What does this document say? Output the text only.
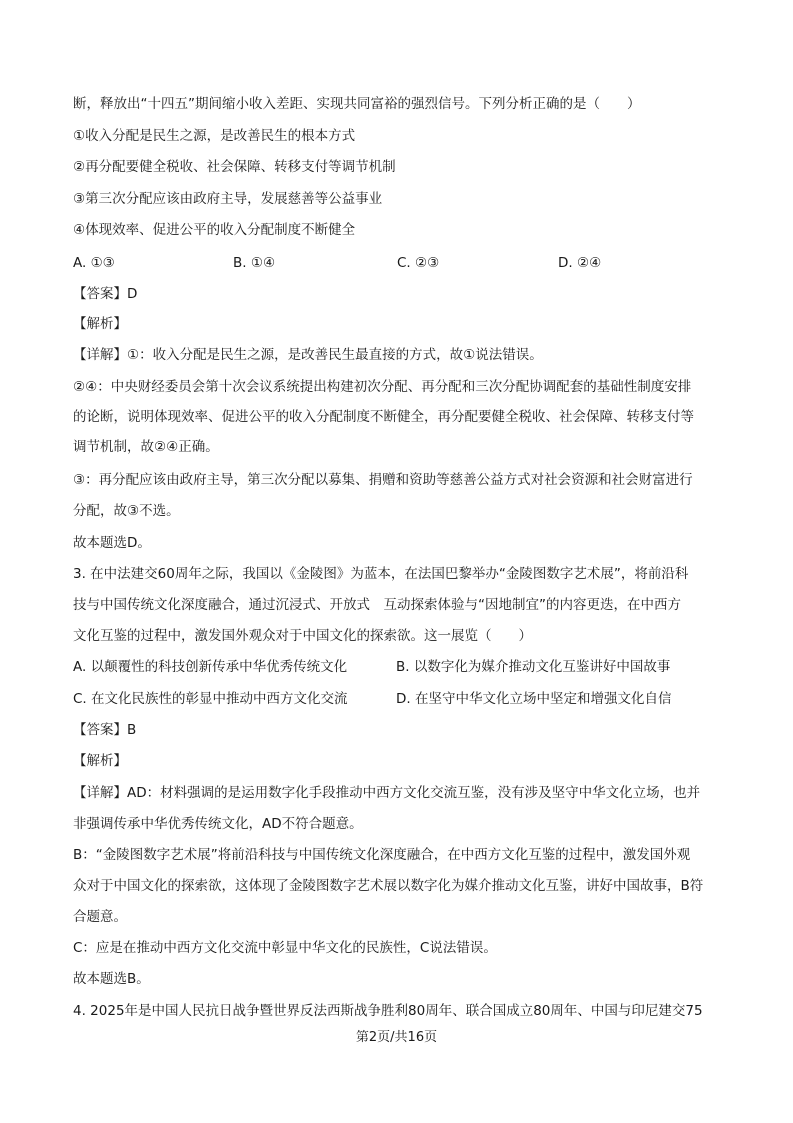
断，释放出“十四五”期间缩小收入差距、实现共同富裕的强烈信号。下列分析正确的是（　　）
①收入分配是民生之源，是改善民生的根本方式
②再分配要健全税收、社会保障、转移支付等调节机制
③第三次分配应该由政府主导，发展慈善等公益事业
④体现效率、促进公平的收入分配制度不断健全
A. ①③	B. ①④	C. ②③	D. ②④
【答案】D
【解析】
【详解】①：收入分配是民生之源，是改善民生最直接的方式，故①说法错误。
②④：中央财经委员会第十次会议系统提出构建初次分配、再分配和三次分配协调配套的基础性制度安排
的论断，说明体现效率、促进公平的收入分配制度不断健全，再分配要健全税收、社会保障、转移支付等
调节机制，故②④正确。
③：再分配应该由政府主导，第三次分配以募集、捐赠和资助等慈善公益方式对社会资源和社会财富进行
分配，故③不选。
故本题选D。
3. 在中法建交60周年之际，我国以《金陵图》为蓝本，在法国巴黎举办“金陵图数字艺术展”，将前沿科
技与中国传统文化深度融合，通过沉浸式、开放式　互动探索体验与“因地制宜”的内容更迭，在中西方
文化互鉴的过程中，激发国外观众对于中国文化的探索欲。这一展览（　　）
A. 以颠覆性的科技创新传承中华优秀传统文化	B. 以数字化为媒介推动文化互鉴讲好中国故事
C. 在文化民族性的彰显中推动中西方文化交流	D. 在坚守中华文化立场中坚定和增强文化自信
【答案】B
【解析】
【详解】AD：材料强调的是运用数字化手段推动中西方文化交流互鉴，没有涉及坚守中华文化立场，也并
非强调传承中华优秀传统文化，AD不符合题意。
B：“金陵图数字艺术展”将前沿科技与中国传统文化深度融合，在中西方文化互鉴的过程中，激发国外观
众对于中国文化的探索欲，这体现了金陵图数字艺术展以数字化为媒介推动文化互鉴，讲好中国故事，B符
合题意。
C：应是在推动中西方文化交流中彰显中华文化的民族性，C说法错误。
故本题选B。
4. 2025年是中国人民抗日战争暨世界反法西斯战争胜利80周年、联合国成立80周年、中国与印尼建交75
第2页/共16页
